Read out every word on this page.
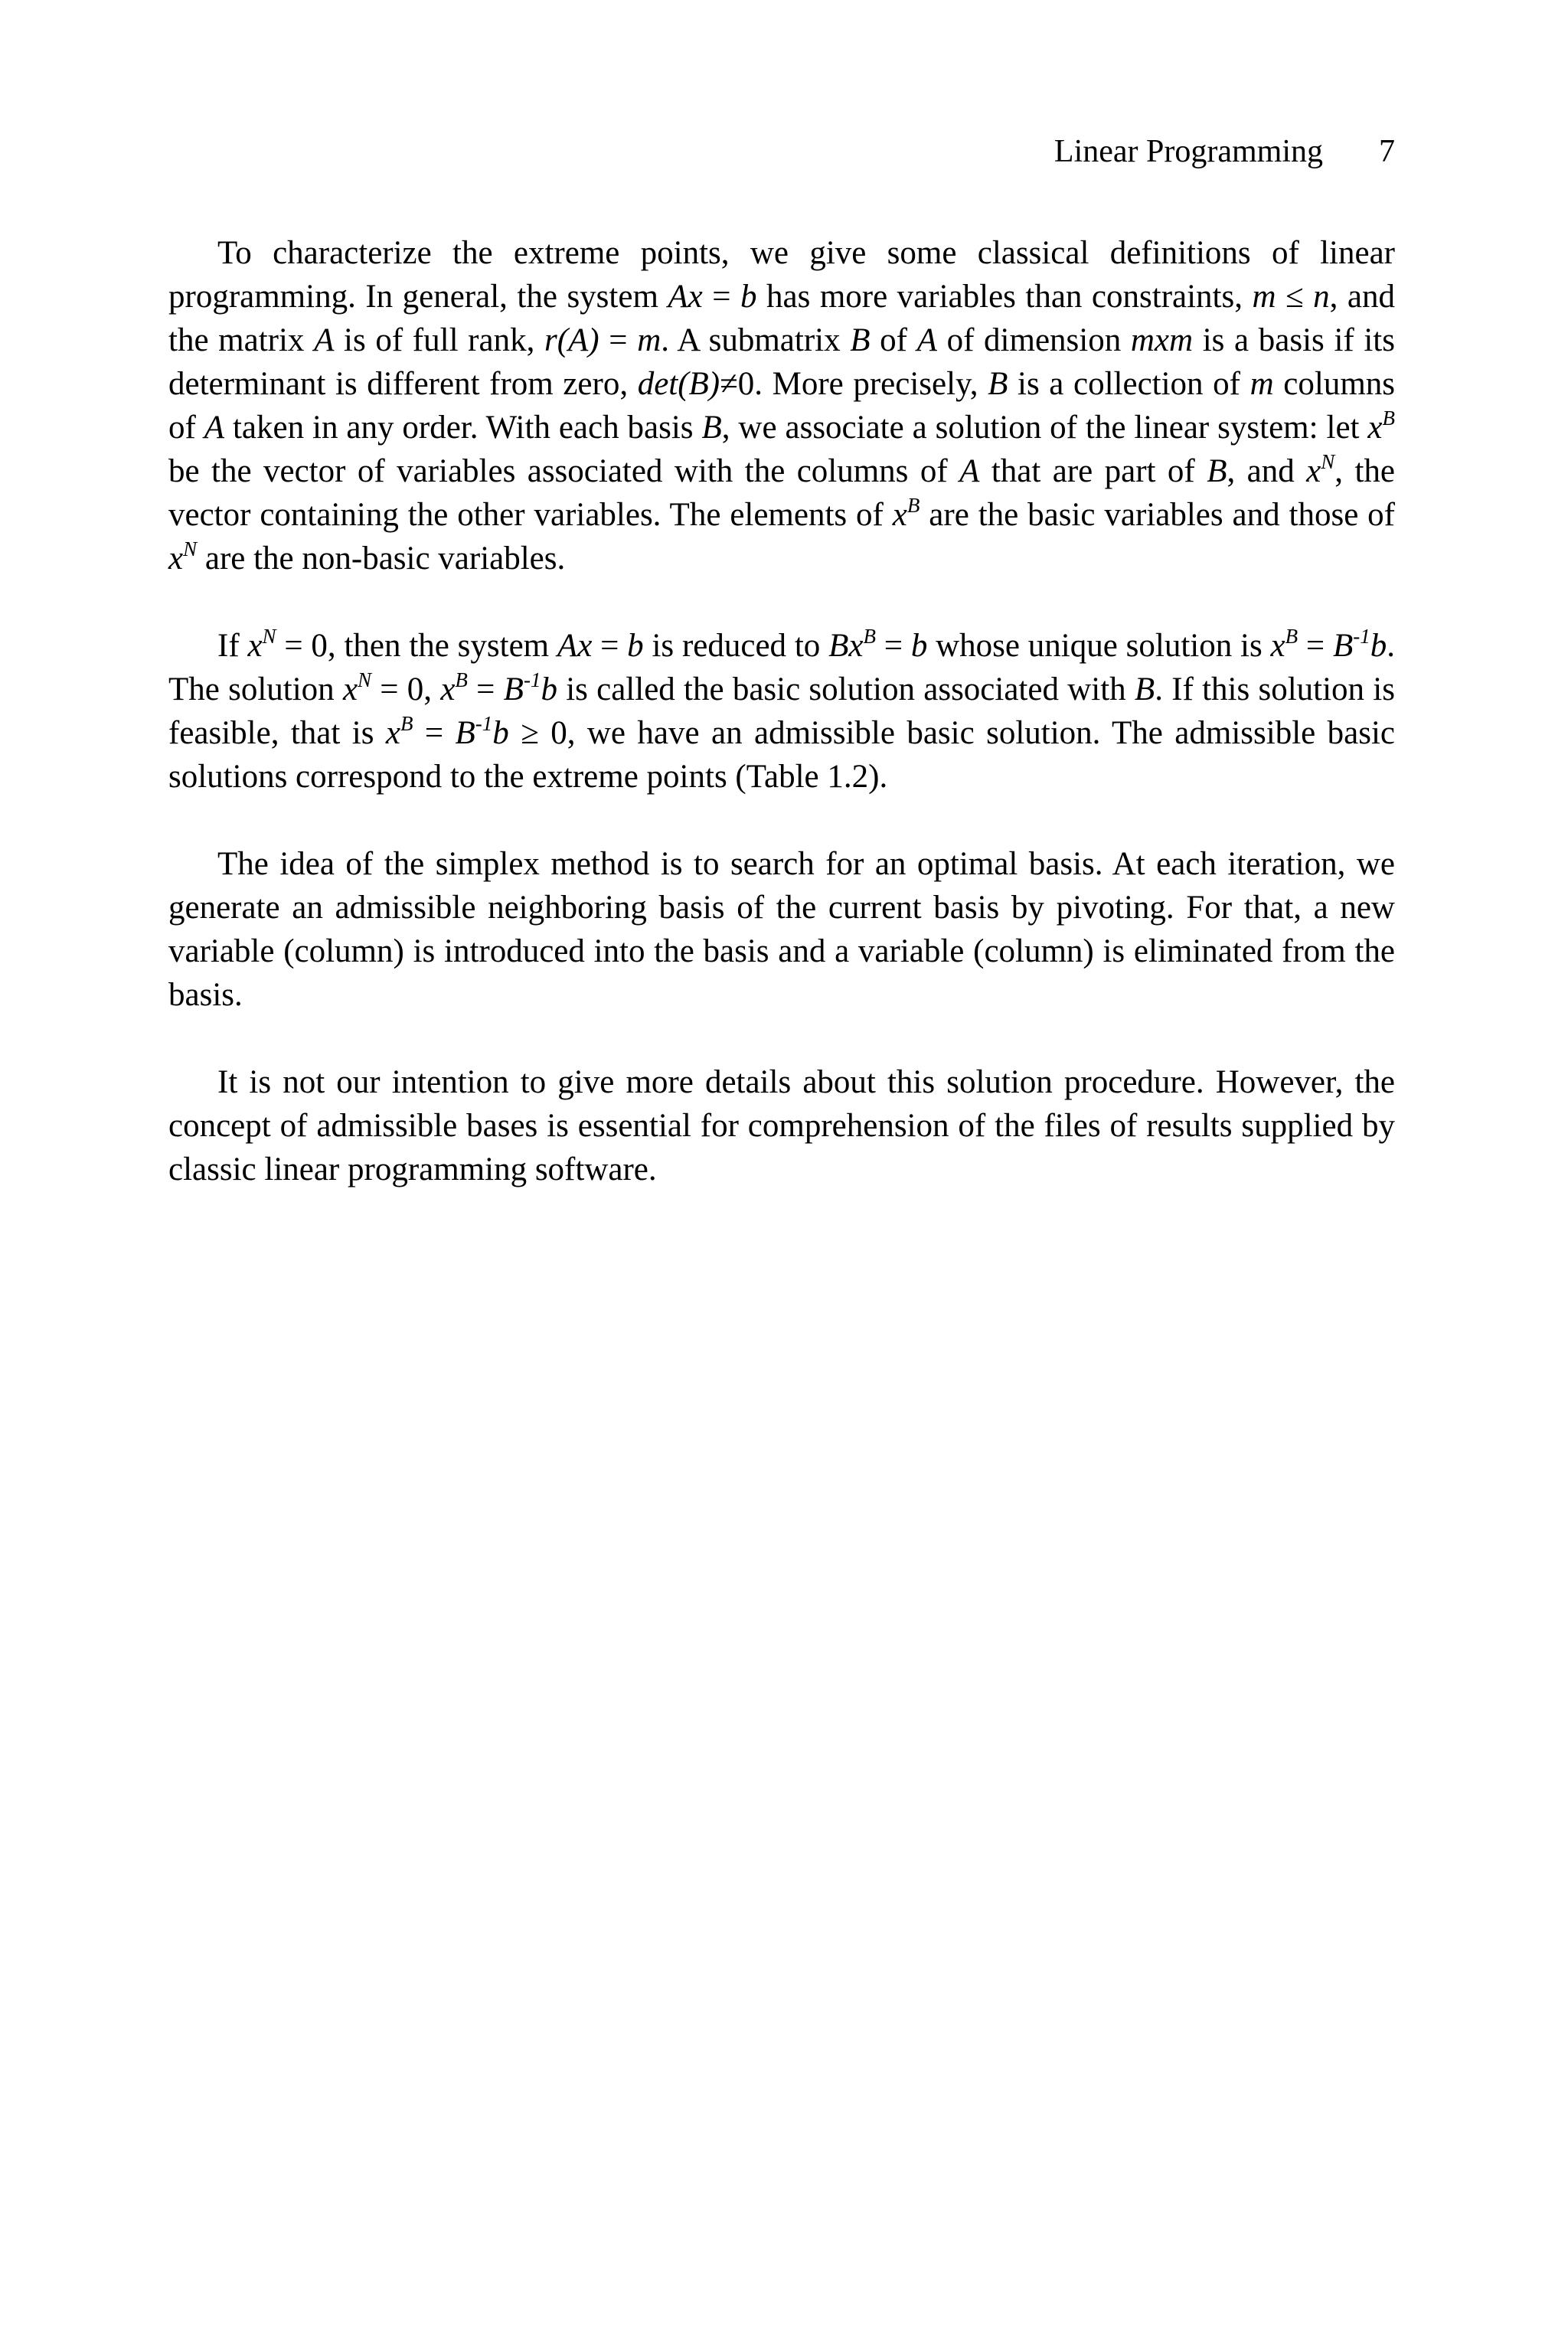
Linear Programming 7

To characterize the extreme points, we give some classical definitions of linear programming. In general, the system Ax = b has more variables than constraints, m ≤ n, and the matrix A is of full rank, r(A) = m. A submatrix B of A of dimension mxm is a basis if its determinant is different from zero, det(B)≠0. More precisely, B is a collection of m columns of A taken in any order. With each basis B, we associate a solution of the linear system: let $x^B$ be the vector of variables associated with the columns of A that are part of B, and $x^N$, the vector containing the other variables. The elements of $x^B$ are the basic variables and those of $x^N$ are the non-basic variables.

If $x^N = 0$, then the system Ax = b is reduced to $Bx^B = b$ whose unique solution is $x^B = B^{-1}b$. The solution $x^N = 0$, $x^B = B^{-1}b$ is called the basic solution associated with B. If this solution is feasible, that is $x^B = B^{-1}b \ge 0$, we have an admissible basic solution. The admissible basic solutions correspond to the extreme points (Table 1.2).

The idea of the simplex method is to search for an optimal basis. At each iteration, we generate an admissible neighboring basis of the current basis by pivoting. For that, a new variable (column) is introduced into the basis and a variable (column) is eliminated from the basis.

It is not our intention to give more details about this solution procedure. However, the concept of admissible bases is essential for comprehension of the files of results supplied by classic linear programming software.
